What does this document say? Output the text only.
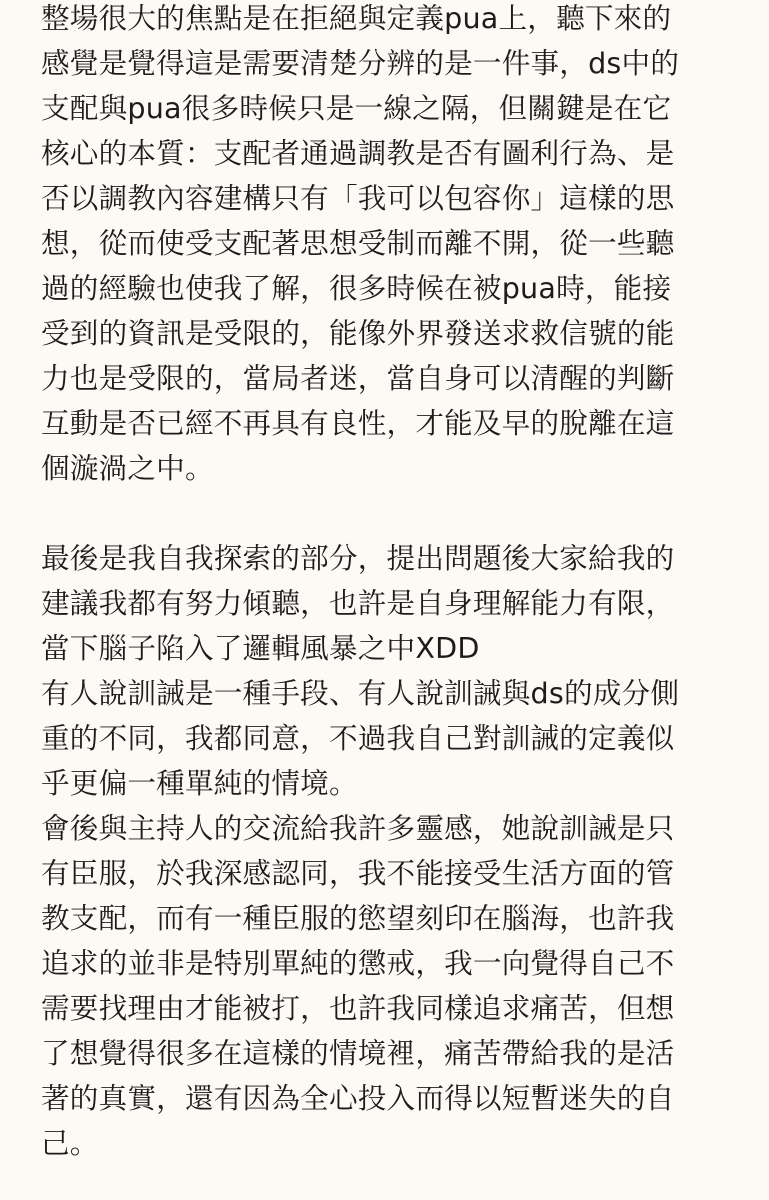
整場很大的焦點是在拒絕與定義pua上，聽下來的
感覺是覺得這是需要清楚分辨的是一件事，ds中的
支配與pua很多時候只是一線之隔，但關鍵是在它
核心的本質：支配者通過調教是否有圖利行為、是
否以調教內容建構只有「我可以包容你」這樣的思
想，從而使受支配著思想受制而離不開，從一些聽
過的經驗也使我了解，很多時候在被pua時，能接
受到的資訊是受限的，能像外界發送求救信號的能
力也是受限的，當局者迷，當自身可以清醒的判斷
互動是否已經不再具有良性，才能及早的脫離在這
個漩渦之中。
最後是我自我探索的部分，提出問題後大家給我的
建議我都有努力傾聽，也許是自身理解能力有限，
當下腦子陷入了邏輯風暴之中XDD
有人說訓誡是一種手段、有人說訓誡與ds的成分側
重的不同，我都同意，不過我自己對訓誡的定義似
乎更偏一種單純的情境。
會後與主持人的交流給我許多靈感，她說訓誡是只
有臣服，於我深感認同，我不能接受生活方面的管
教支配，而有一種臣服的慾望刻印在腦海，也許我
追求的並非是特別單純的懲戒，我一向覺得自己不
需要找理由才能被打，也許我同樣追求痛苦，但想
了想覺得很多在這樣的情境裡，痛苦帶給我的是活
著的真實，還有因為全心投入而得以短暫迷失的自
己。
